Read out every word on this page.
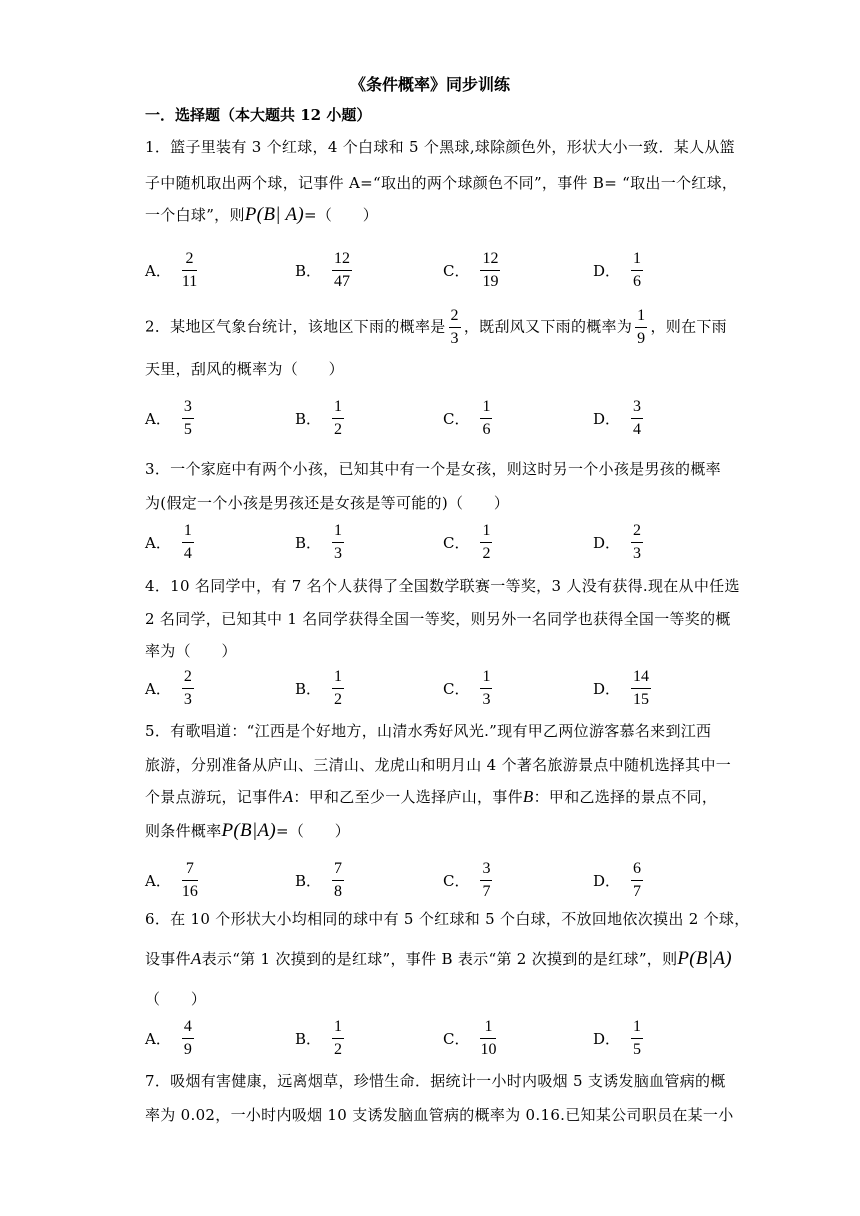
《条件概率》同步训练
一．选择题（本大题共 12 小题）
1．篮子里装有 3 个红球，4 个白球和 5 个黑球,球除颜色外，形状大小一致．某人从篮
子中随机取出两个球，记事件 A=“取出的两个球颜色不同”，事件 B= “取出一个红球，
一个白球”，则P(B| A)=（　　）
A． $\frac{2}{11}$	B． $\frac{12}{47}$	C． $\frac{12}{19}$	D． $\frac{1}{6}$
2．某地区气象台统计，该地区下雨的概率是 $\frac{2}{3}$ ，既刮风又下雨的概率为 $\frac{1}{9}$ ，则在下雨
天里，刮风的概率为（　　）
A． $\frac{3}{5}$	B． $\frac{1}{2}$	C． $\frac{1}{6}$	D． $\frac{3}{4}$
3．一个家庭中有两个小孩，已知其中有一个是女孩，则这时另一个小孩是男孩的概率
为(假定一个小孩是男孩还是女孩是等可能的)（　　）
A． $\frac{1}{4}$	B． $\frac{1}{3}$	C． $\frac{1}{2}$	D． $\frac{2}{3}$
4．10 名同学中，有 7 名个人获得了全国数学联赛一等奖，3 人没有获得.现在从中任选
2 名同学，已知其中 1 名同学获得全国一等奖，则另外一名同学也获得全国一等奖的概
率为（　　）
A． $\frac{2}{3}$	B． $\frac{1}{2}$	C． $\frac{1}{3}$	D． $\frac{14}{15}$
5．有歌唱道：“江西是个好地方，山清水秀好风光.”现有甲乙两位游客慕名来到江西
旅游，分别准备从庐山、三清山、龙虎山和明月山 4 个著名旅游景点中随机选择其中一
个景点游玩，记事件A：甲和乙至少一人选择庐山，事件B：甲和乙选择的景点不同，
则条件概率P(B|A)=（　　）
A． $\frac{7}{16}$	B． $\frac{7}{8}$	C． $\frac{3}{7}$	D． $\frac{6}{7}$
6．在 10 个形状大小均相同的球中有 5 个红球和 5 个白球，不放回地依次摸出 2 个球，
设事件A表示“第 1 次摸到的是红球”，事件 B 表示“第 2 次摸到的是红球”，则P(B|A)
（　　）
A． $\frac{4}{9}$	B． $\frac{1}{2}$	C． $\frac{1}{10}$	D． $\frac{1}{5}$
7．吸烟有害健康，远离烟草，珍惜生命．据统计一小时内吸烟 5 支诱发脑血管病的概
率为 0.02，一小时内吸烟 10 支诱发脑血管病的概率为 0.16.已知某公司职员在某一小
